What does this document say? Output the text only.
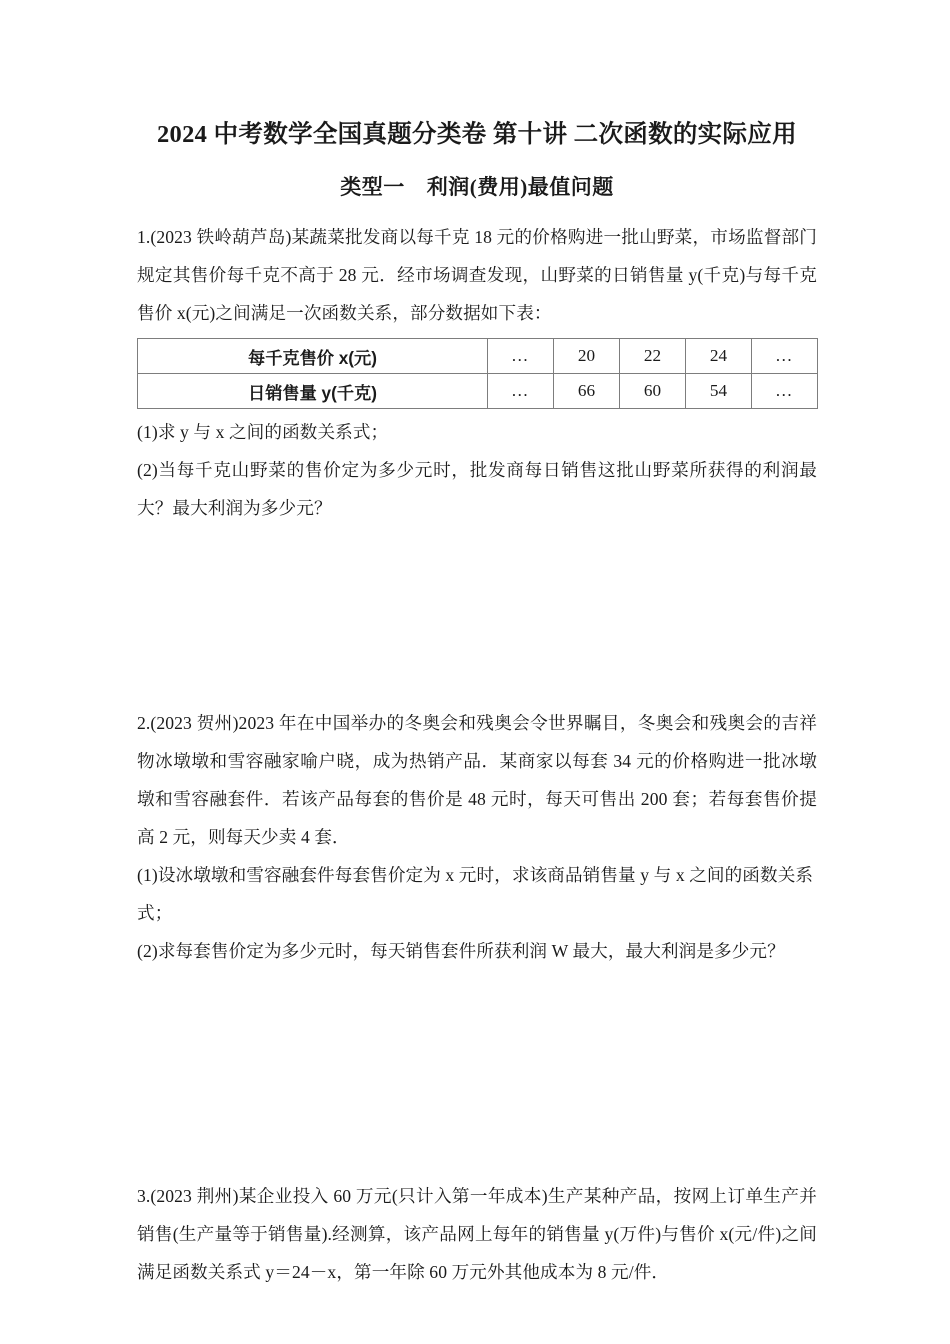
2024 中考数学全国真题分类卷 第十讲 二次函数的实际应用
类型一 利润(费用)最值问题
1.(2023 铁岭葫芦岛)某蔬菜批发商以每千克 18 元的价格购进一批山野菜，市场监督部门规定其售价每千克不高于 28 元．经市场调查发现，山野菜的日销售量 y(千克)与每千克售价 x(元)之间满足一次函数关系，部分数据如下表：
每千克售价 x(元)	…	20	22	24	…
日销售量 y(千克)	…	66	60	54	…
(1)求 y 与 x 之间的函数关系式；
(2)当每千克山野菜的售价定为多少元时，批发商每日销售这批山野菜所获得的利润最大？最大利润为多少元？
2.(2023 贺州)2023 年在中国举办的冬奥会和残奥会令世界瞩目，冬奥会和残奥会的吉祥物冰墩墩和雪容融家喻户晓，成为热销产品．某商家以每套 34 元的价格购进一批冰墩墩和雪容融套件．若该产品每套的售价是 48 元时，每天可售出 200 套；若每套售价提高 2 元，则每天少卖 4 套．
(1)设冰墩墩和雪容融套件每套售价定为 x 元时，求该商品销售量 y 与 x 之间的函数关系式；
(2)求每套售价定为多少元时，每天销售套件所获利润 W 最大，最大利润是多少元？
3.(2023 荆州)某企业投入 60 万元(只计入第一年成本)生产某种产品，按网上订单生产并销售(生产量等于销售量).经测算，该产品网上每年的销售量 y(万件)与售价 x(元/件)之间满足函数关系式 y＝24－x，第一年除 60 万元外其他成本为 8 元/件．
